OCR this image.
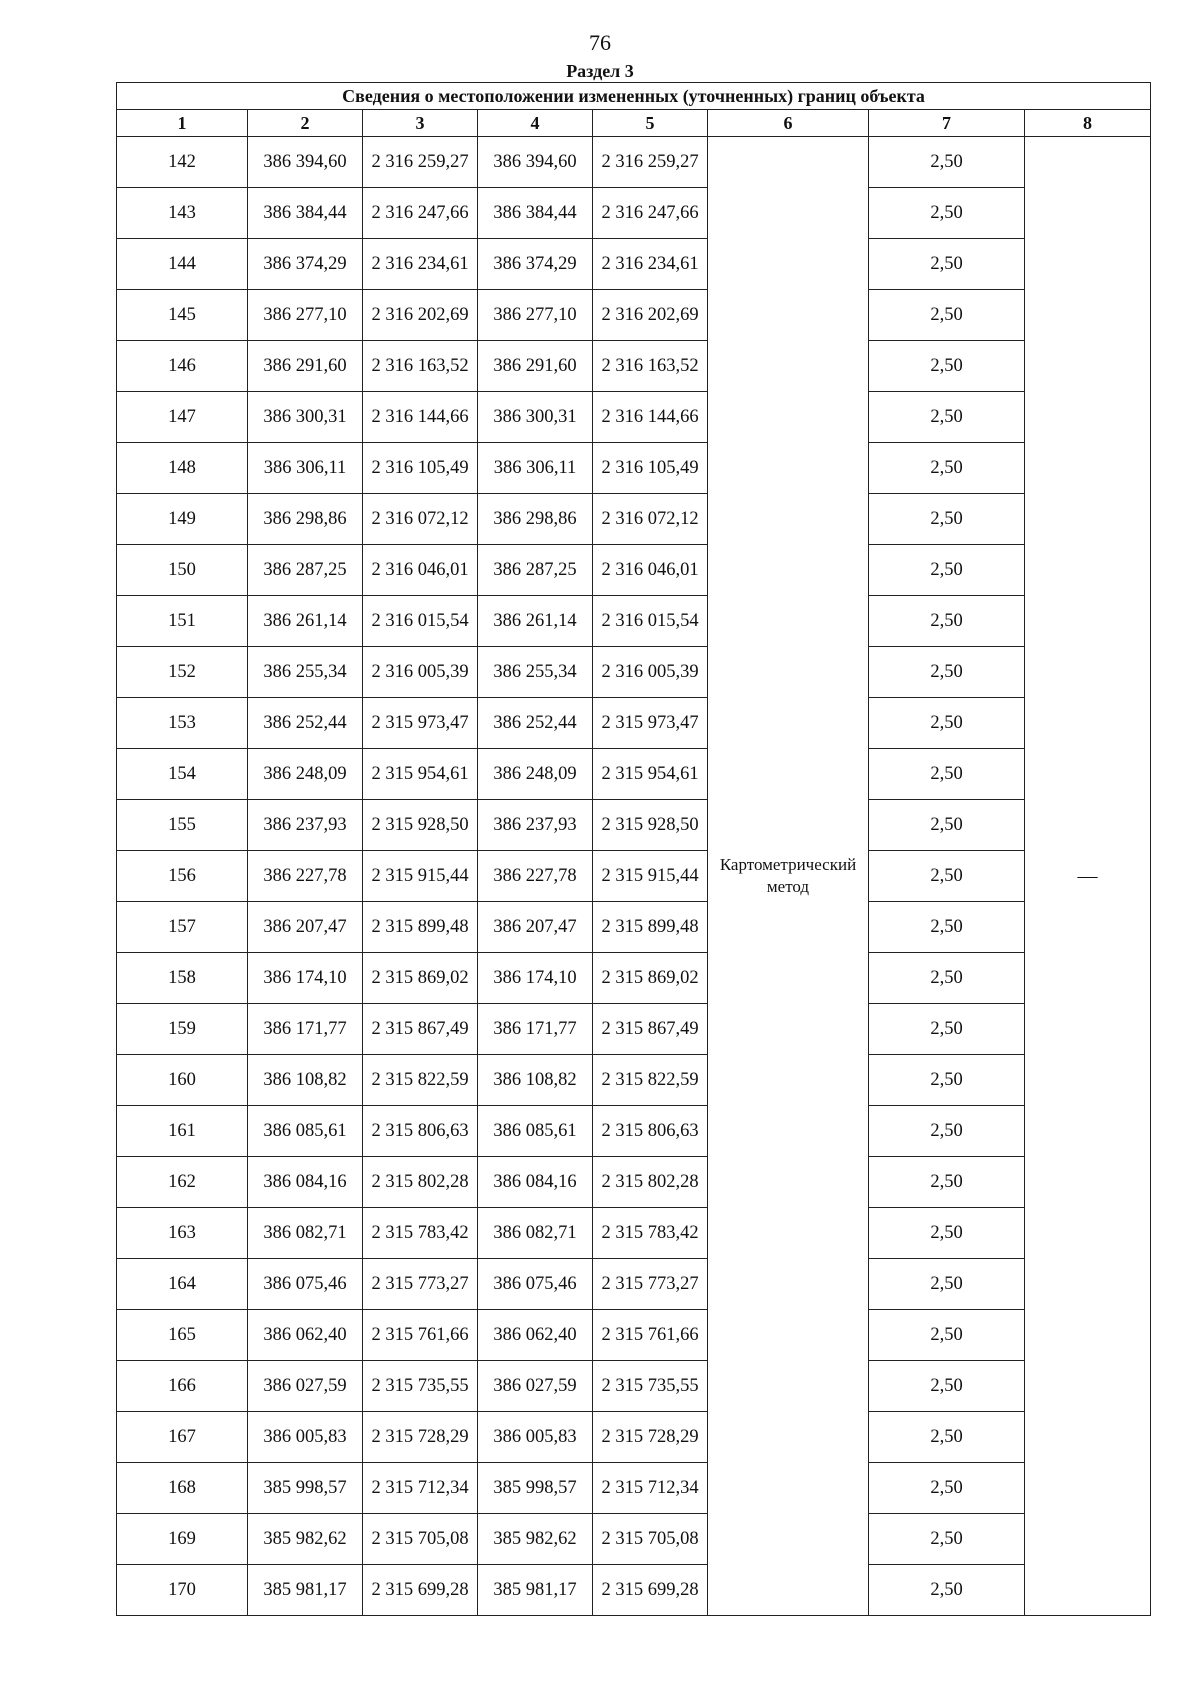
76
Раздел 3
Сведения о местоположении измененных (уточненных) границ объекта							
1	2	3	4	5	6	7	8
142	386 394,60	2 316 259,27	386 394,60	2 316 259,27	Картометрический метод	2,50	—
143	386 384,44	2 316 247,66	386 384,44	2 316 247,66		2,50	
144	386 374,29	2 316 234,61	386 374,29	2 316 234,61		2,50	
145	386 277,10	2 316 202,69	386 277,10	2 316 202,69		2,50	
146	386 291,60	2 316 163,52	386 291,60	2 316 163,52		2,50	
147	386 300,31	2 316 144,66	386 300,31	2 316 144,66		2,50	
148	386 306,11	2 316 105,49	386 306,11	2 316 105,49		2,50	
149	386 298,86	2 316 072,12	386 298,86	2 316 072,12		2,50	
150	386 287,25	2 316 046,01	386 287,25	2 316 046,01		2,50	
151	386 261,14	2 316 015,54	386 261,14	2 316 015,54		2,50	
152	386 255,34	2 316 005,39	386 255,34	2 316 005,39		2,50	
153	386 252,44	2 315 973,47	386 252,44	2 315 973,47		2,50	
154	386 248,09	2 315 954,61	386 248,09	2 315 954,61		2,50	
155	386 237,93	2 315 928,50	386 237,93	2 315 928,50		2,50	
156	386 227,78	2 315 915,44	386 227,78	2 315 915,44		2,50	
157	386 207,47	2 315 899,48	386 207,47	2 315 899,48		2,50	
158	386 174,10	2 315 869,02	386 174,10	2 315 869,02		2,50	
159	386 171,77	2 315 867,49	386 171,77	2 315 867,49		2,50	
160	386 108,82	2 315 822,59	386 108,82	2 315 822,59		2,50	
161	386 085,61	2 315 806,63	386 085,61	2 315 806,63		2,50	
162	386 084,16	2 315 802,28	386 084,16	2 315 802,28		2,50	
163	386 082,71	2 315 783,42	386 082,71	2 315 783,42		2,50	
164	386 075,46	2 315 773,27	386 075,46	2 315 773,27		2,50	
165	386 062,40	2 315 761,66	386 062,40	2 315 761,66		2,50	
166	386 027,59	2 315 735,55	386 027,59	2 315 735,55		2,50	
167	386 005,83	2 315 728,29	386 005,83	2 315 728,29		2,50	
168	385 998,57	2 315 712,34	385 998,57	2 315 712,34		2,50	
169	385 982,62	2 315 705,08	385 982,62	2 315 705,08		2,50	
170	385 981,17	2 315 699,28	385 981,17	2 315 699,28		2,50	
